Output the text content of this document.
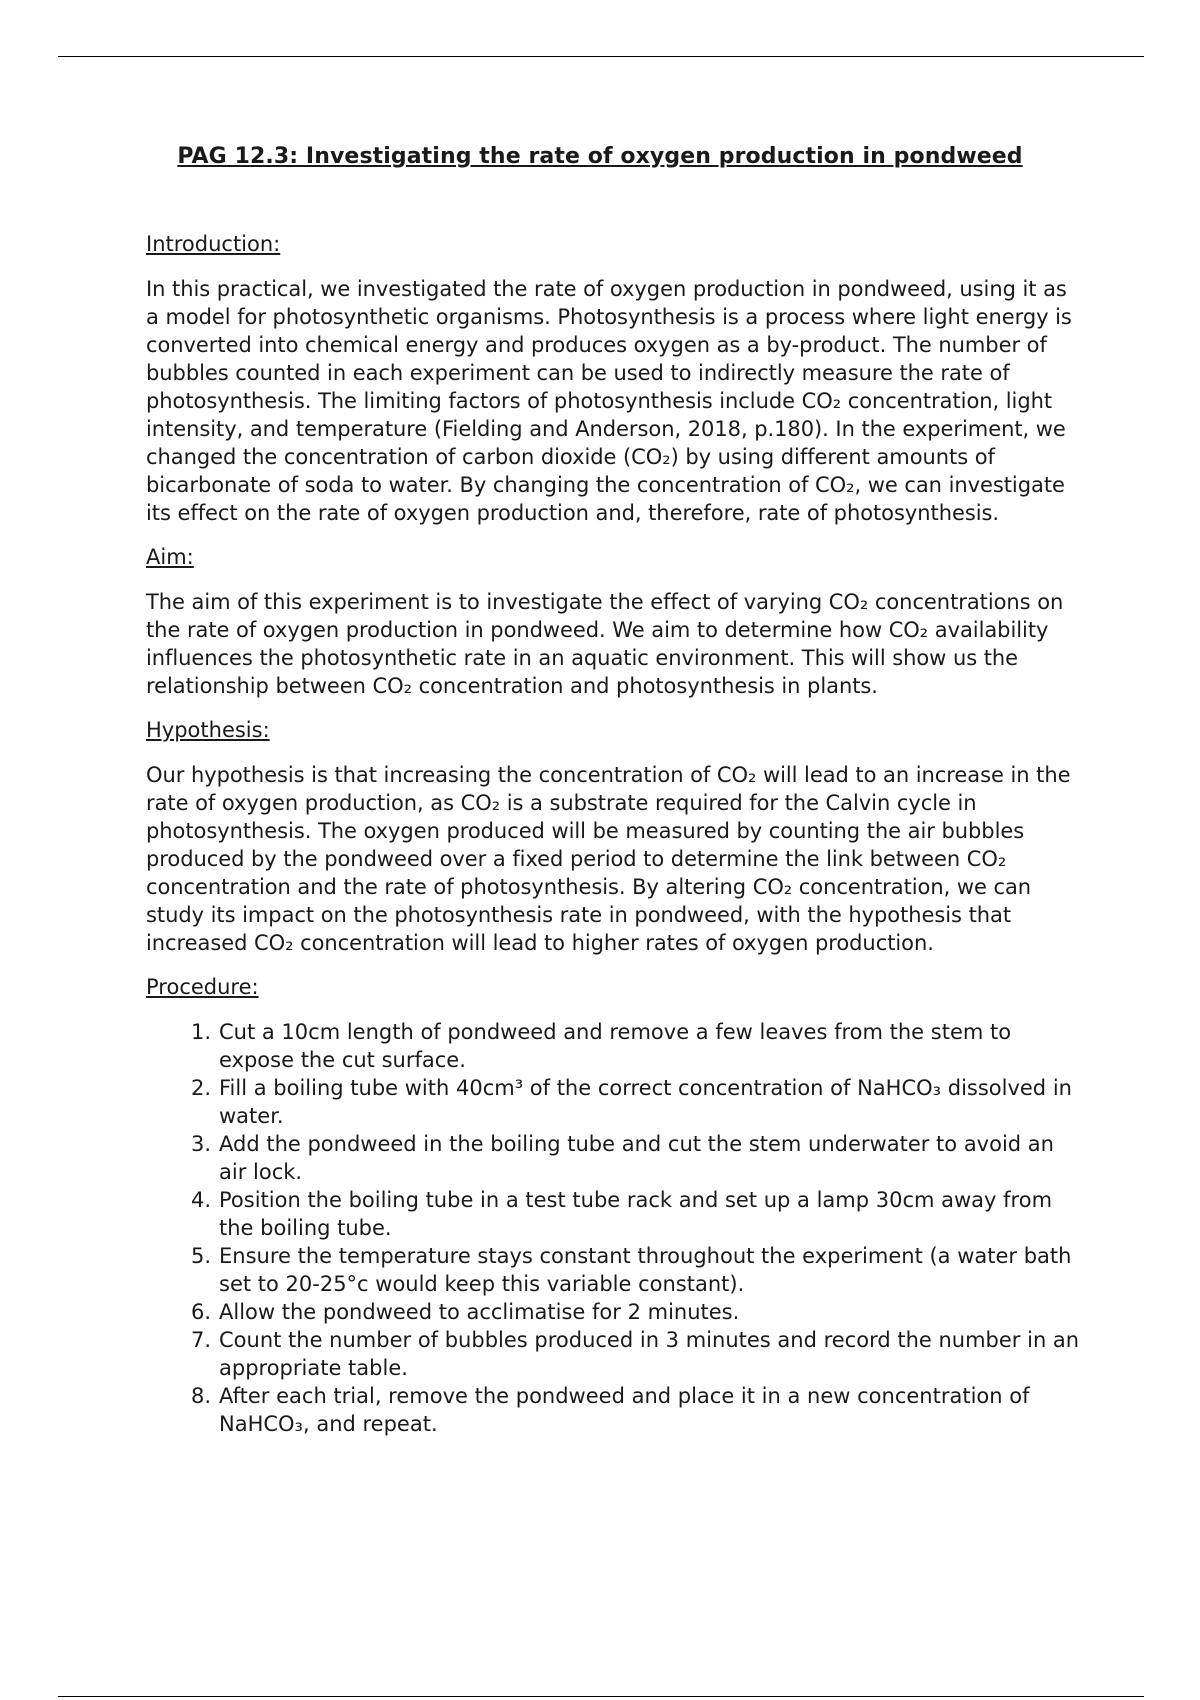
PAG 12.3: Investigating the rate of oxygen production in pondweed
Introduction:

In this practical, we investigated the rate of oxygen production in pondweed, using it as a model for photosynthetic organisms. Photosynthesis is a process where light energy is converted into chemical energy and produces oxygen as a by-product. The number of bubbles counted in each experiment can be used to indirectly measure the rate of photosynthesis. The limiting factors of photosynthesis include CO₂ concentration, light intensity, and temperature (Fielding and Anderson, 2018, p.180). In the experiment, we changed the concentration of carbon dioxide (CO₂) by using different amounts of bicarbonate of soda to water. By changing the concentration of CO₂, we can investigate its effect on the rate of oxygen production and, therefore, rate of photosynthesis.

Aim:

The aim of this experiment is to investigate the effect of varying CO₂ concentrations on the rate of oxygen production in pondweed. We aim to determine how CO₂ availability influences the photosynthetic rate in an aquatic environment. This will show us the relationship between CO₂ concentration and photosynthesis in plants.

Hypothesis:

Our hypothesis is that increasing the concentration of CO₂ will lead to an increase in the rate of oxygen production, as CO₂ is a substrate required for the Calvin cycle in photosynthesis. The oxygen produced will be measured by counting the air bubbles produced by the pondweed over a fixed period to determine the link between CO₂ concentration and the rate of photosynthesis. By altering CO₂ concentration, we can study its impact on the photosynthesis rate in pondweed, with the hypothesis that increased CO₂ concentration will lead to higher rates of oxygen production.

Procedure:
1. Cut a 10cm length of pondweed and remove a few leaves from the stem to expose the cut surface.
2. Fill a boiling tube with 40cm³ of the correct concentration of NaHCO₃ dissolved in water.
3. Add the pondweed in the boiling tube and cut the stem underwater to avoid an air lock.
4. Position the boiling tube in a test tube rack and set up a lamp 30cm away from the boiling tube.
5. Ensure the temperature stays constant throughout the experiment (a water bath set to 20-25°c would keep this variable constant).
6. Allow the pondweed to acclimatise for 2 minutes.
7. Count the number of bubbles produced in 3 minutes and record the number in an appropriate table.
8. After each trial, remove the pondweed and place it in a new concentration of NaHCO₃, and repeat.
